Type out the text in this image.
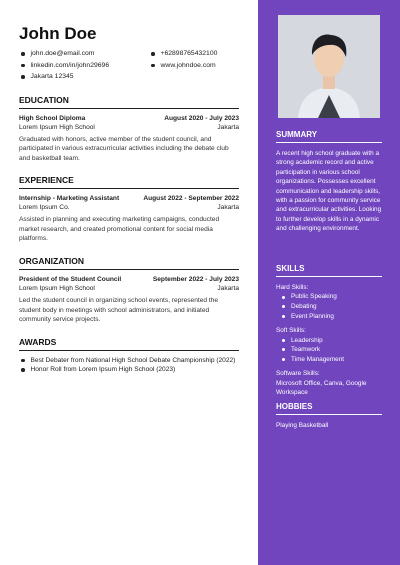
John Doe
john.doe@email.com	+62898765432100
linkedin.com/in/john29696	www.johndoe.com
Jakarta 12345
EDUCATION
High School Diploma	August 2020 - July 2023
Lorem Ipsum High School	Jakarta
Graduated with honors, active member of the student council, and participated in various extracurricular activities including the debate club and basketball team.
EXPERIENCE
Internship - Marketing Assistant	August 2022 - September 2022
Lorem Ipsum Co.	Jakarta
Assisted in planning and executing marketing campaigns, conducted market research, and created promotional content for social media platforms.
ORGANIZATION
President of the Student Council	September 2022 - July 2023
Lorem Ipsum High School	Jakarta
Led the student council in organizing school events, represented the student body in meetings with school administrators, and initiated community service projects.
AWARDS
Best Debater from National High School Debate Championship (2022)
Honor Roll from Lorem Ipsum High School (2023)
SUMMARY
A recent high school graduate with a strong academic record and active participation in various school organizations. Possesses excellent communication and leadership skills, with a passion for community service and extracurricular activities. Looking to further develop skills in a dynamic and challenging environment.
SKILLS
Hard Skills:
Public Speaking
Debating
Event Planning
Soft Skills:
Leadership
Teamwork
Time Management
Software Skills:
Microsoft Office, Canva, Google Workspace
HOBBIES
Playing Basketball
